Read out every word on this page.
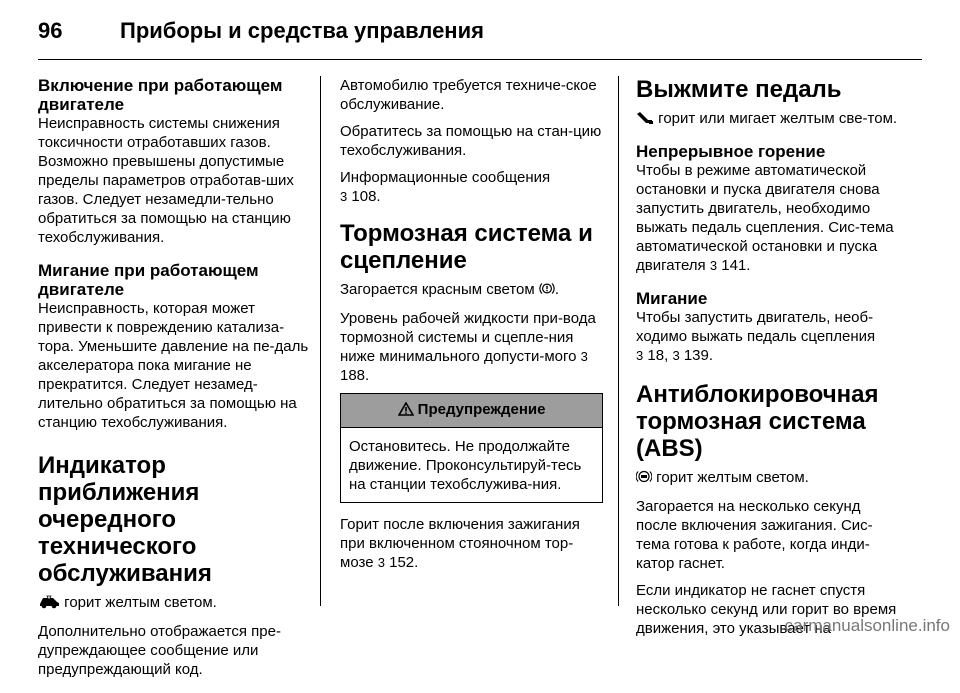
96	Приборы и средства управления
Включение при работающем двигателе
Неисправность системы снижения токсичности отработавших газов. Возможно превышены допустимые пределы параметров отработав-ших газов. Следует незамедли-тельно обратиться за помощью на станцию техобслуживания.
Мигание при работающем двигателе
Неисправность, которая может привести к повреждению катализа-тора. Уменьшите давление на пе-даль акселератора пока мигание не прекратится. Следует незамед-лительно обратиться за помощью на станцию техобслуживания.
Индикатор приближения очередного технического обслуживания

горит желтым светом.

Дополнительно отображается пре-дупреждающее сообщение или предупреждающий код.

Автомобилю требуется техниче-ское обслуживание.

Обратитесь за помощью на стан-цию техобслуживания.

Информационные сообщения
3 108.

Тормозная система и сцепление

Загорается красным светом .

Уровень рабочей жидкости при-вода тормозной системы и сцепле-ния ниже минимального допусти-мого 3 188.

Предупреждение
Остановитесь. Не продолжайте движение. Проконсультируй-тесь на станции техобслужива-ния.

Горит после включения зажигания при включенном стояночном тор-мозе 3 152.

Выжмите педаль

горит или мигает желтым све-том.

Непрерывное горение
Чтобы в режиме автоматической остановки и пуска двигателя снова запустить двигатель, необходимо выжать педаль сцепления. Сис-тема автоматической остановки и пуска двигателя 3 141.
Мигание
Чтобы запустить двигатель, необ-ходимо выжать педаль сцепления
3 18, 3 139.
Антиблокировочная тормозная система (ABS)

горит желтым светом.

Загорается на несколько секунд после включения зажигания. Сис-тема готова к работе, когда инди-катор гаснет.

Если индикатор не гаснет спустя несколько секунд или горит во время движения, это указывает на

carmanualsonline.info
